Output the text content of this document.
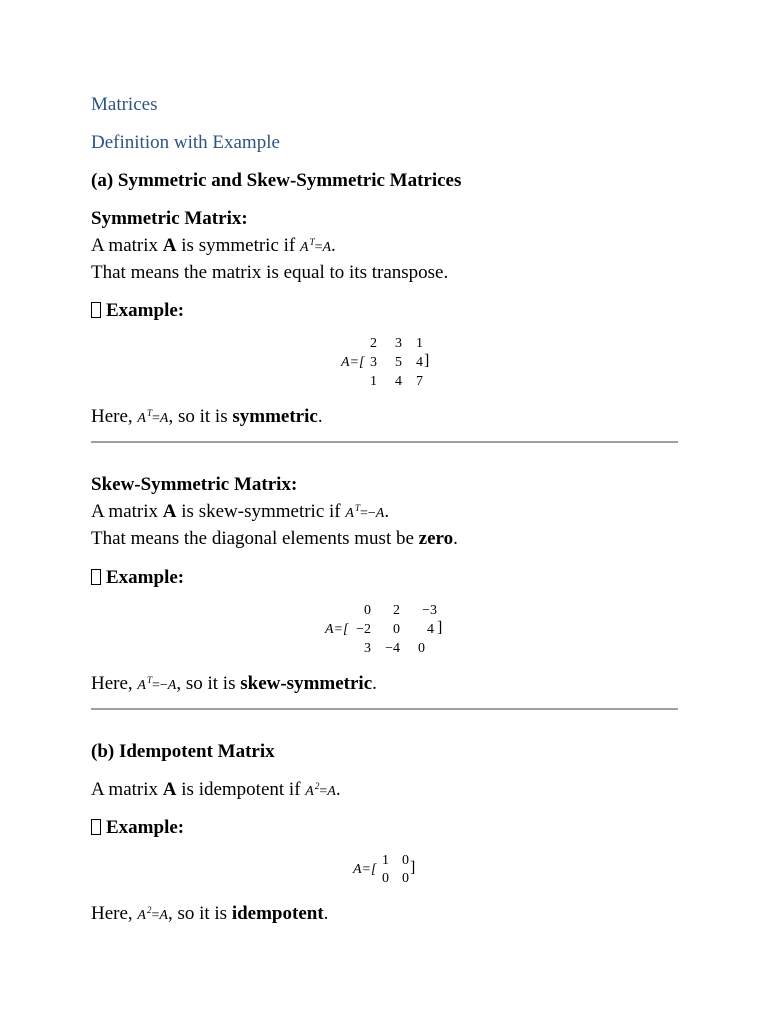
Matrices
Definition with Example
(a) Symmetric and Skew-Symmetric Matrices
Symmetric Matrix:
A matrix A is symmetric if $A^T=A$.
That means the matrix is equal to its transpose.
Example:
A=[
2	3	1
3	5	4
1	4	7
]
Here, $A^T=A$, so it is symmetric.
Skew-Symmetric Matrix:
A matrix A is skew-symmetric if $A^T=-A$.
That means the diagonal elements must be zero.
Example:
A=[
0	2	−3
−2	0	4
3	−4	0
]
Here, $A^T=-A$, so it is skew-symmetric.
(b) Idempotent Matrix
A matrix A is idempotent if $A^2=A$.
Example:
A=[
1 0
0 0
]
Here, $A^2=A$, so it is idempotent.
